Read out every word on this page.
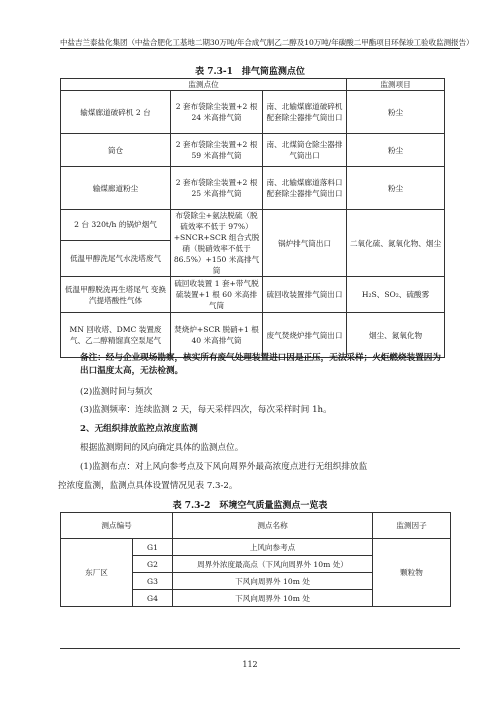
中盐吉兰泰盐化集团（中盐合肥化工基地二期30万吨/年合成气制乙二醇及10万吨/年碳酸二甲酯项目环保竣工验收监测报告）
表 7.3-1　排气筒监测点位
监测点位			监测项目
输煤廊道破碎机 2 台	2 套布袋除尘装置+2 根 24 米高排气筒	南、北输煤廊道破碎机配套除尘器排气筒出口	粉尘
筒仓	2 套布袋除尘装置+2 根 59 米高排气筒	南、北煤筒仓除尘器排气筒出口	粉尘
输煤廊道粉尘	2 套布袋除尘装置+2 根 25 米高排气筒	南、北输煤廊道落料口配套除尘器排气筒出口	粉尘
2 台 320t/h 的锅炉烟气	布袋除尘+氨法脱硫（脱硫效率不低于 97%）+SNCR+SCR 组合式脱硝（脱硝效率不低于 86.5%）+150 米高排气筒	锅炉排气筒出口	二氧化硫、氮氧化物、烟尘
低温甲醇洗尾气水洗塔废气			
低温甲醇脱洗再生塔尾气 变换汽提塔酸性气体	硫回收装置 1 套+带气脱硫装置+1 根 60 米高排气筒	硫回收装置排气筒出口	H₂S、SO₂、硫酸雾
MN 回收塔、DMC 装置废气、乙二醇精馏真空泵尾气	焚烧炉+SCR 脱硝+1 根 40 米高排气筒	废气焚烧炉排气筒出口	烟尘、氮氧化物
备注：经与企业现场勘察，核实所有废气处理装置进口因是正压，无法采样；火炬燃烧装置因为出口温度太高，无法检测。
(2)监测时间与频次
(3)监测频率：连续监测 2 天，每天采样四次，每次采样时间 1h。
2、无组织排放监控点浓度监测
根据监测期间的风向确定具体的监测点位。
(1)监测布点：对上风向参考点及下风向周界外最高浓度点进行无组织排放监
控浓度监测，监测点具体设置情况见表 7.3-2。
表 7.3-2　环境空气质量监测点一览表
测点编号		测点名称	监测因子
东厂区	G1	上风向参考点	颗粒物
	G2	周界外浓度最高点（下风向周界外 10m 处）	
	G3	下风向周界外 10m 处	
	G4	下风向周界外 10m 处	
112
